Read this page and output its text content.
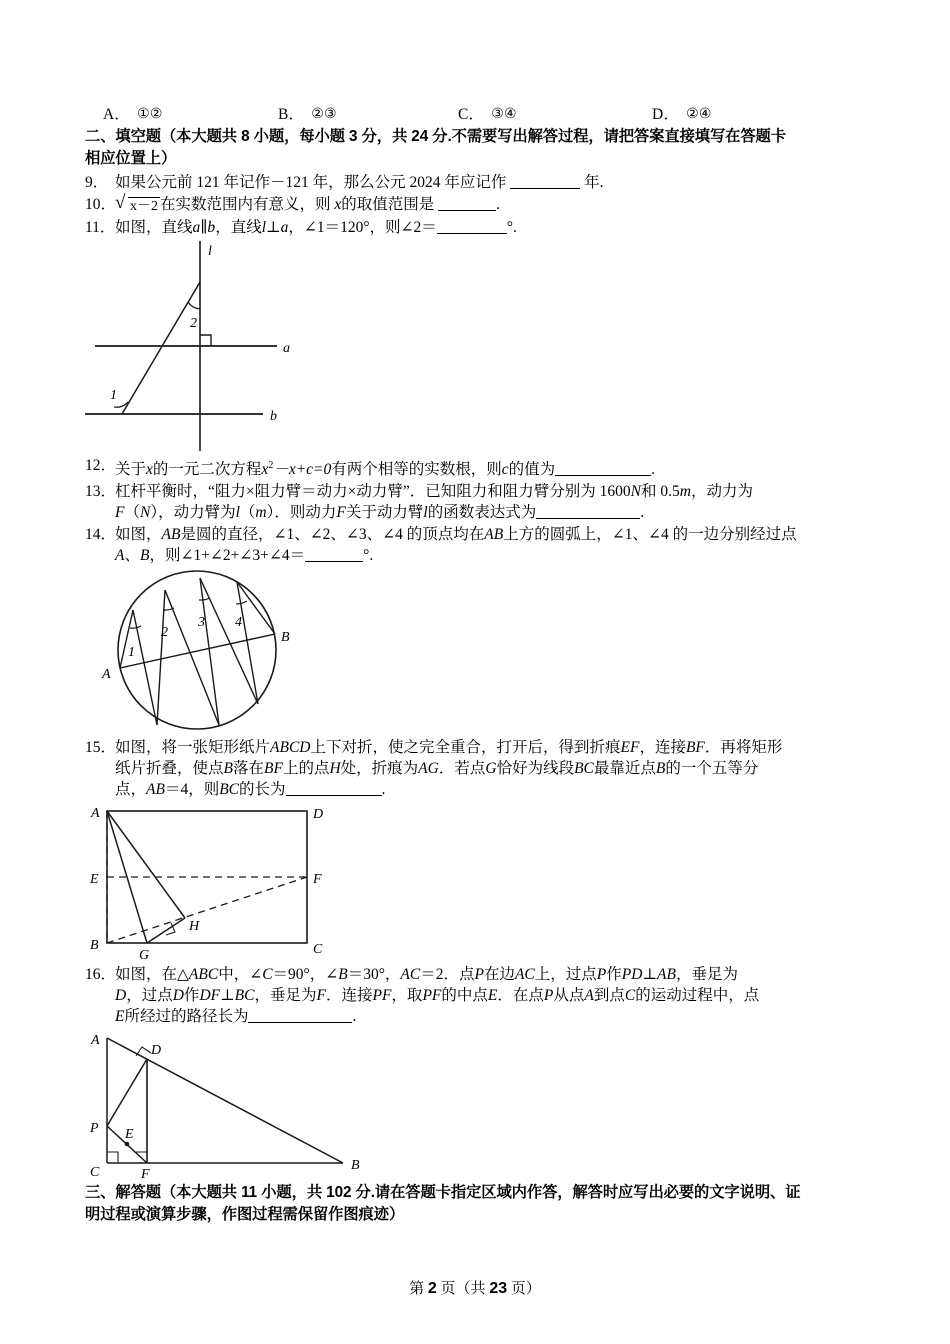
A． ①②	B． ②③	C． ③④	D． ②④
二、填空题（本大题共 8 小题，每小题 3 分，共 24 分.不需要写出解答过程，请把答案直接填写在答题卡
相应位置上）
9． 如果公元前 121 年记作－121 年，那么公元 2024 年应记作	年.
10．
√ x－2 在实数范围内有意义，则 x的取值范围是	.
11． 如图，直线a∥b，直线l⊥a，∠1＝120°，则∠2＝	°.
2
1
l
a
b
12．
关于x的一元二次方程$x^2-x+c=0$有两个相等的实数根，则c的值为	.
13．
杠杆平衡时，“阻力×阻力臂＝动力×动力臂”．已知阻力和阻力臂分别为 1600N和 0.5m，动力为
F（N），动力臂为l（m）．则动力F关于动力臂l的函数表达式为	.
14．
如图，AB是圆的直径，∠1、∠2、∠3、∠4 的顶点均在AB上方的圆弧上，∠1、∠4 的一边分别经过点
A、B，则∠1+∠2+∠3+∠4＝	°.
1
2
3 4
A
B
15．
如图，将一张矩形纸片ABCD上下对折，使之完全重合，打开后，得到折痕EF，连接BF．再将矩形
纸片折叠，使点B落在BF上的点H处，折痕为AG．若点G恰好为线段BC最靠近点B的一个五等分
点，AB＝4，则BC的长为	.
A	D
E	F
B	C
G
H
16．
如图，在△ABC中，∠C＝90°，∠B＝30°，AC＝2．点P在边AC上，过点P作PD⊥AB，垂足为
D，过点D作DF⊥BC，垂足为F．连接PF，取PF的中点E．在点P从点A到点C的运动过程中，点
E所经过的路径长为	.
A
D
P E
C	F
B
三、解答题（本大题共 11 小题，共 102 分.请在答题卡指定区域内作答，解答时应写出必要的文字说明、证
明过程或演算步骤，作图过程需保留作图痕迹）
第 2 页（共 23 页）
